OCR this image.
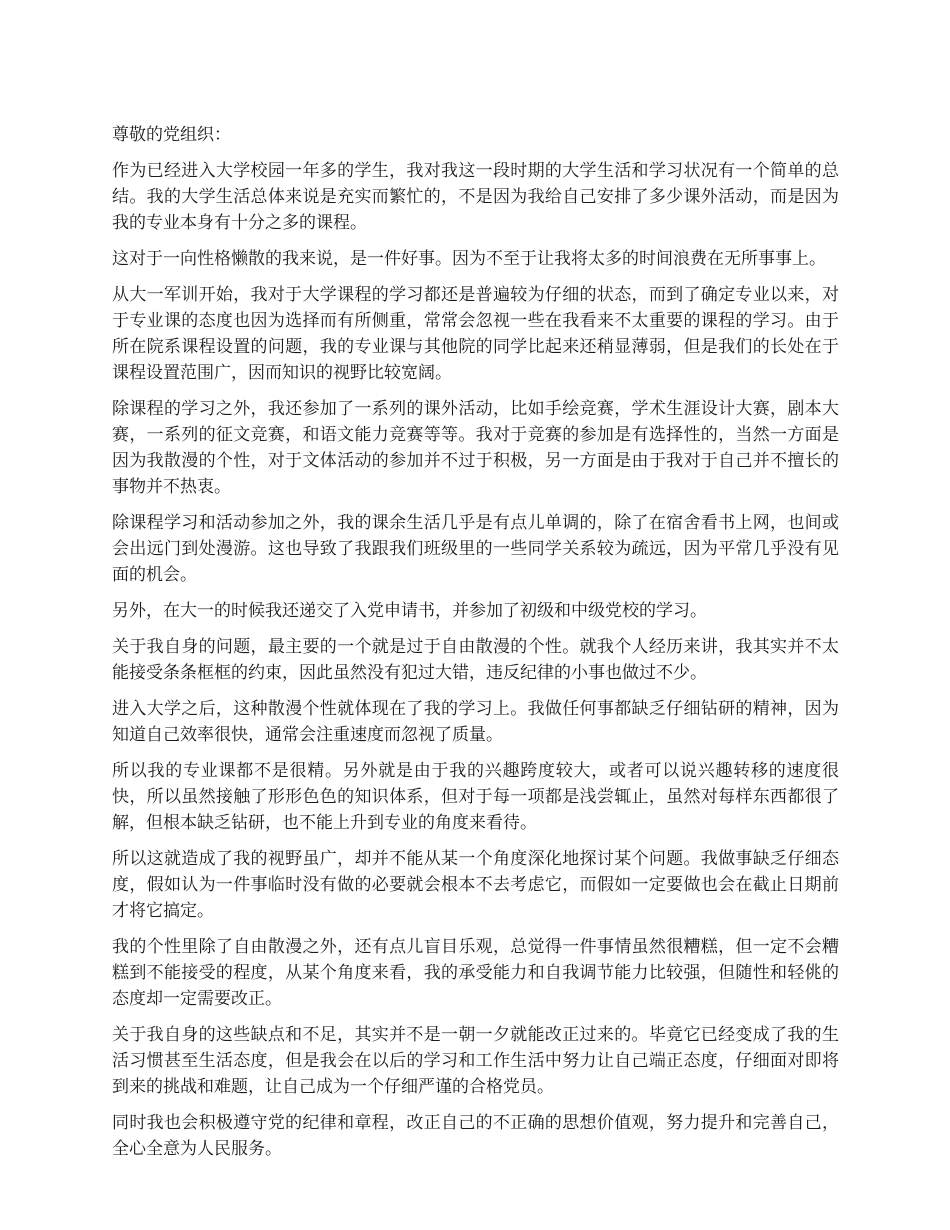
尊敬的党组织：

作为已经进入大学校园一年多的学生，我对我这一段时期的大学生活和学习状况有一个简单的总结。我的大学生活总体来说是充实而繁忙的，不是因为我给自己安排了多少课外活动，而是因为我的专业本身有十分之多的课程。

这对于一向性格懒散的我来说，是一件好事。因为不至于让我将太多的时间浪费在无所事事上。

从大一军训开始，我对于大学课程的学习都还是普遍较为仔细的状态，而到了确定专业以来，对于专业课的态度也因为选择而有所侧重，常常会忽视一些在我看来不太重要的课程的学习。由于所在院系课程设置的问题，我的专业课与其他院的同学比起来还稍显薄弱，但是我们的长处在于课程设置范围广，因而知识的视野比较宽阔。

除课程的学习之外，我还参加了一系列的课外活动，比如手绘竞赛，学术生涯设计大赛，剧本大赛，一系列的征文竞赛，和语文能力竞赛等等。我对于竞赛的参加是有选择性的，当然一方面是因为我散漫的个性，对于文体活动的参加并不过于积极，另一方面是由于我对于自己并不擅长的事物并不热衷。

除课程学习和活动参加之外，我的课余生活几乎是有点儿单调的，除了在宿舍看书上网，也间或会出远门到处漫游。这也导致了我跟我们班级里的一些同学关系较为疏远，因为平常几乎没有见面的机会。

另外，在大一的时候我还递交了入党申请书，并参加了初级和中级党校的学习。

关于我自身的问题，最主要的一个就是过于自由散漫的个性。就我个人经历来讲，我其实并不太能接受条条框框的约束，因此虽然没有犯过大错，违反纪律的小事也做过不少。

进入大学之后，这种散漫个性就体现在了我的学习上。我做任何事都缺乏仔细钻研的精神，因为知道自己效率很快，通常会注重速度而忽视了质量。

所以我的专业课都不是很精。另外就是由于我的兴趣跨度较大，或者可以说兴趣转移的速度很快，所以虽然接触了形形色色的知识体系，但对于每一项都是浅尝辄止，虽然对每样东西都很了解，但根本缺乏钻研，也不能上升到专业的角度来看待。

所以这就造成了我的视野虽广，却并不能从某一个角度深化地探讨某个问题。我做事缺乏仔细态度，假如认为一件事临时没有做的必要就会根本不去考虑它，而假如一定要做也会在截止日期前才将它搞定。

我的个性里除了自由散漫之外，还有点儿盲目乐观，总觉得一件事情虽然很糟糕，但一定不会糟糕到不能接受的程度，从某个角度来看，我的承受能力和自我调节能力比较强，但随性和轻佻的态度却一定需要改正。

关于我自身的这些缺点和不足，其实并不是一朝一夕就能改正过来的。毕竟它已经变成了我的生活习惯甚至生活态度，但是我会在以后的学习和工作生活中努力让自己端正态度，仔细面对即将到来的挑战和难题，让自己成为一个仔细严谨的合格党员。

同时我也会积极遵守党的纪律和章程，改正自己的不正确的思想价值观，努力提升和完善自己，全心全意为人民服务。
